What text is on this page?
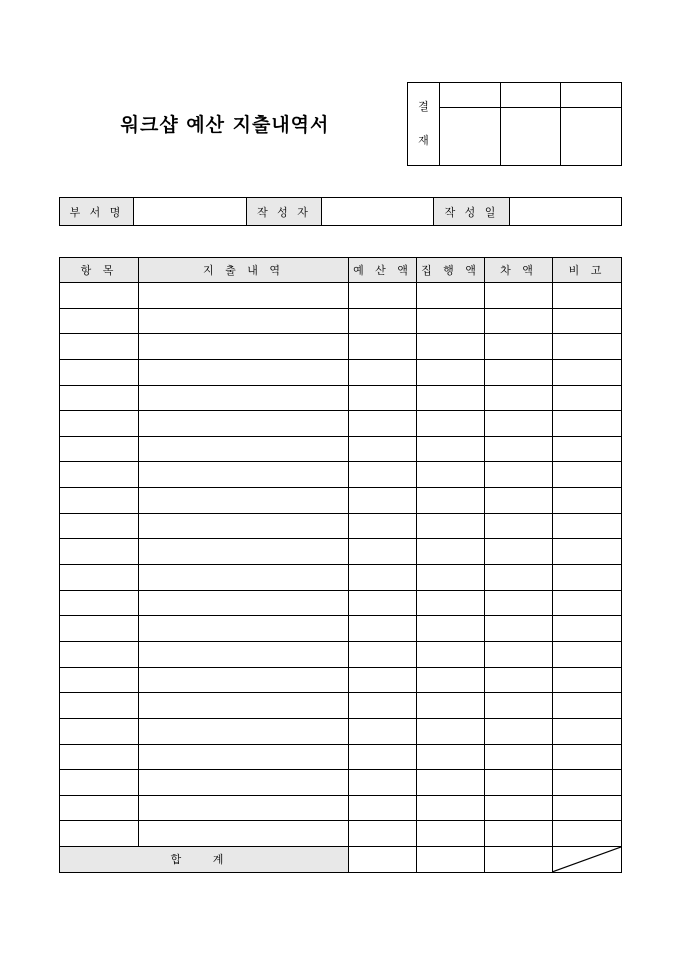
워크샵 예산 지출내역서
결
재			

부 서 명		작 성 자		작 성 일	
항 목	지 출 내 역	예 산 액	집 행 액	차 액	비 고

합 계				
